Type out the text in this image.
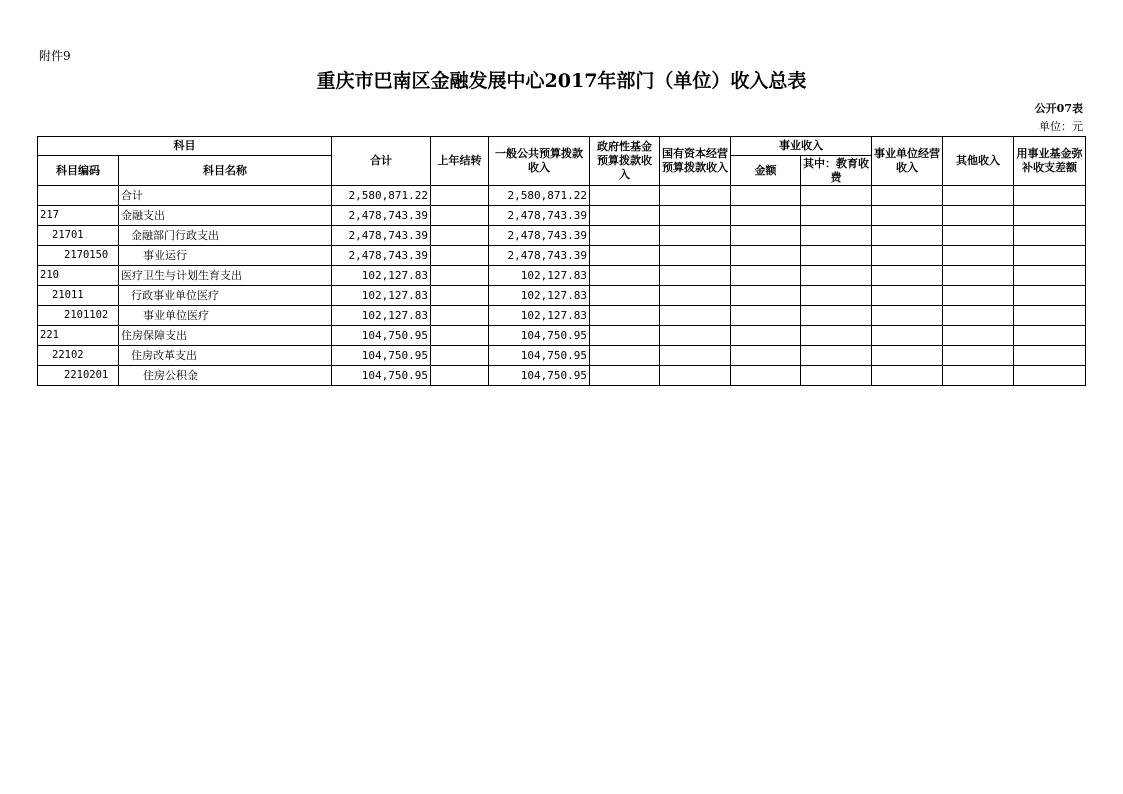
附件9
重庆市巴南区金融发展中心2017年部门（单位）收入总表
公开07表
单位：元
科目		合计	上年结转	一般公共预算拨款收入	政府性基金预算拨款收入	国有资本经营预算拨款收入	事业收入		事业单位经营收入	其他收入	用事业基金弥补收支差额
科目编码	科目名称						金额	其中：教育收费			
	合计	2,580,871.22		2,580,871.22							
217	金融支出	2,478,743.39		2,478,743.39							
21701	金融部门行政支出	2,478,743.39		2,478,743.39							
2170150	事业运行	2,478,743.39		2,478,743.39							
210	医疗卫生与计划生育支出	102,127.83		102,127.83							
21011	行政事业单位医疗	102,127.83		102,127.83							
2101102	事业单位医疗	102,127.83		102,127.83							
221	住房保障支出	104,750.95		104,750.95							
22102	住房改革支出	104,750.95		104,750.95							
2210201	住房公积金	104,750.95		104,750.95							
